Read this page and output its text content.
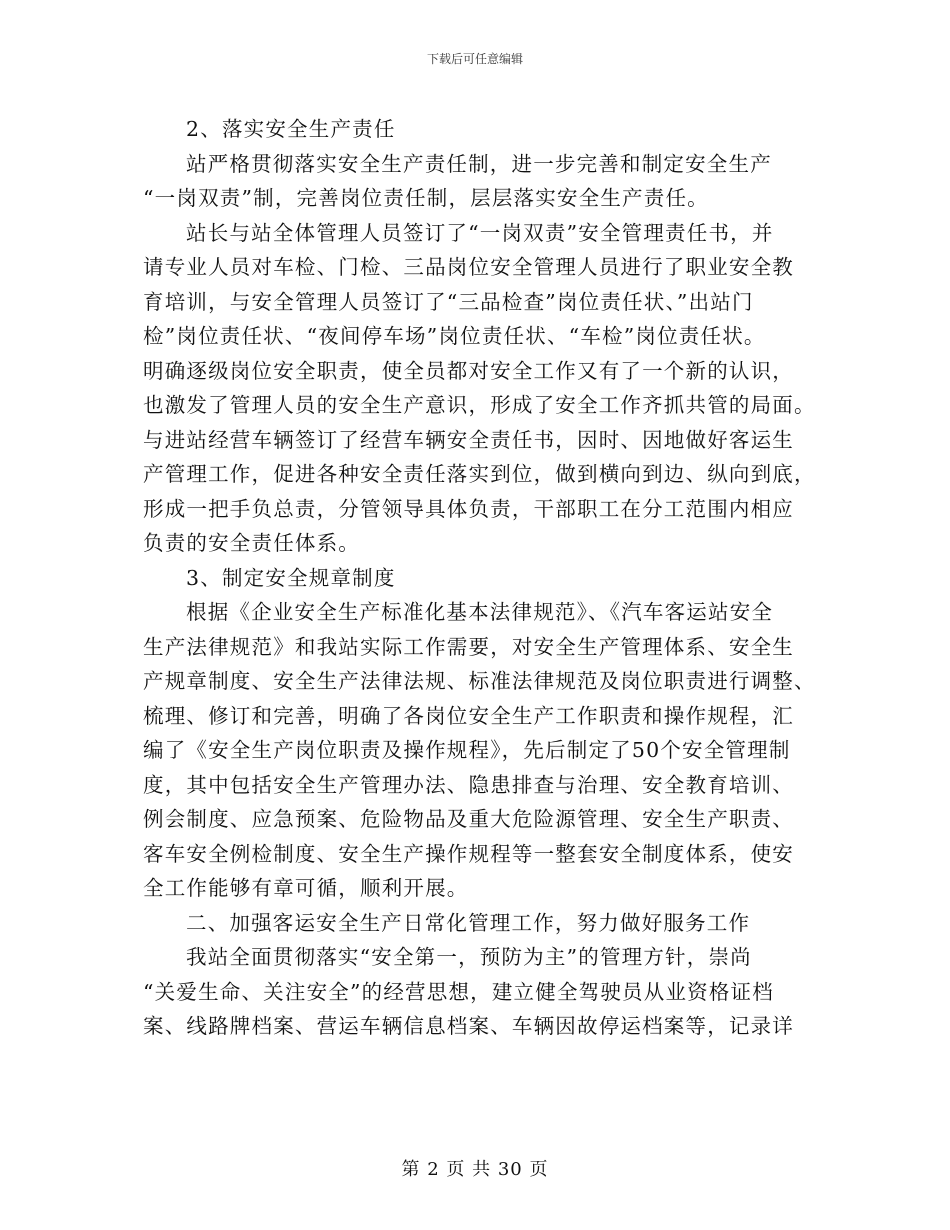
下载后可任意编辑
2、落实安全生产责任
站严格贯彻落实安全生产责任制，进一步完善和制定安全生产
“一岗双责”制，完善岗位责任制，层层落实安全生产责任。
站长与站全体管理人员签订了“一岗双责”安全管理责任书，并
请专业人员对车检、门检、三品岗位安全管理人员进行了职业安全教
育培训，与安全管理人员签订了“三品检查”岗位责任状、”出站门
检”岗位责任状、“夜间停车场”岗位责任状、“车检”岗位责任状。
明确逐级岗位安全职责，使全员都对安全工作又有了一个新的认识，
也激发了管理人员的安全生产意识，形成了安全工作齐抓共管的局面。
与进站经营车辆签订了经营车辆安全责任书，因时、因地做好客运生
产管理工作，促进各种安全责任落实到位，做到横向到边、纵向到底，
形成一把手负总责，分管领导具体负责，干部职工在分工范围内相应
负责的安全责任体系。
3、制定安全规章制度
根据《企业安全生产标准化基本法律规范》、《汽车客运站安全
生产法律规范》和我站实际工作需要，对安全生产管理体系、安全生
产规章制度、安全生产法律法规、标准法律规范及岗位职责进行调整、
梳理、修订和完善，明确了各岗位安全生产工作职责和操作规程，汇
编了《安全生产岗位职责及操作规程》，先后制定了50个安全管理制
度，其中包括安全生产管理办法、隐患排查与治理、安全教育培训、
例会制度、应急预案、危险物品及重大危险源管理、安全生产职责、
客车安全例检制度、安全生产操作规程等一整套安全制度体系，使安
全工作能够有章可循，顺利开展。
二、加强客运安全生产日常化管理工作，努力做好服务工作
我站全面贯彻落实“安全第一，预防为主”的管理方针，崇尚
“关爱生命、关注安全”的经营思想，建立健全驾驶员从业资格证档
案、线路牌档案、营运车辆信息档案、车辆因故停运档案等，记录详
第 2 页 共 30 页
